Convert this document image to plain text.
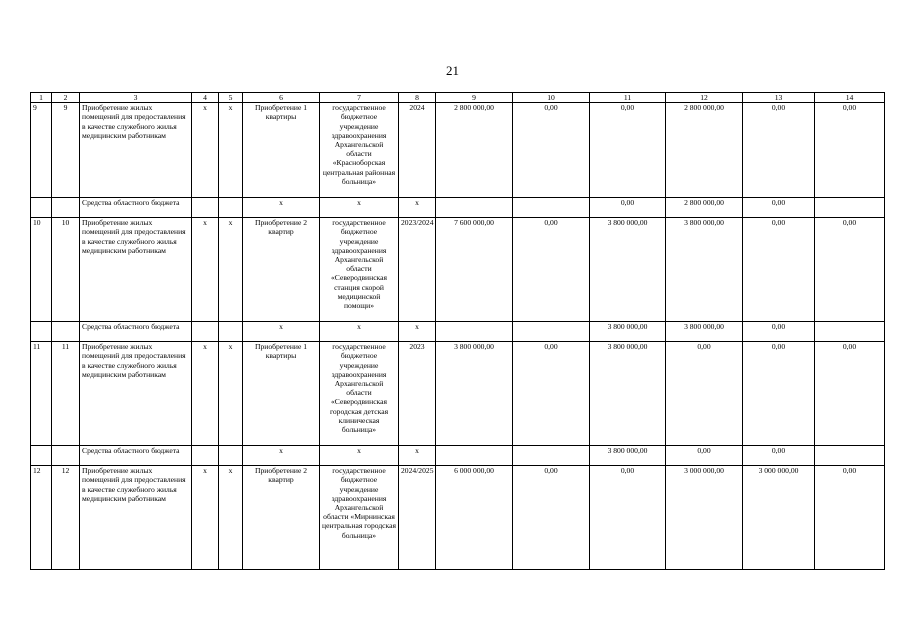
21
1	2	3	4	5	6	7	8	9	10	11	12	13	14
9	9	Приобретение жилых помещений для предоставления в качестве служебного жилья медицинским работникам	х	х	Приобретение 1 квартиры	государственное бюджетное учреждение здравоохранения Архангельской области «Красноборская центральная районная больница»	2024	2 800 000,00	0,00	0,00	2 800 000,00	0,00	0,00
		Средства областного бюджета			х	х	х			0,00	2 800 000,00	0,00	
10	10	Приобретение жилых помещений для предоставления в качестве служебного жилья медицинским работникам	х	х	Приобретение 2 квартир	государственное бюджетное учреждение здравоохранения Архангельской области «Северодвинская станция скорой медицинской помощи»	2023/2024	7 600 000,00	0,00	3 800 000,00	3 800 000,00	0,00	0,00
		Средства областного бюджета			х	х	х			3 800 000,00	3 800 000,00	0,00	
11	11	Приобретение жилых помещений для предоставления в качестве служебного жилья медицинским работникам	х	х	Приобретение 1 квартиры	государственное бюджетное учреждение здравоохранения Архангельской области «Северодвинская городская детская клиническая больница»	2023	3 800 000,00	0,00	3 800 000,00	0,00	0,00	0,00
		Средства областного бюджета			х	х	х			3 800 000,00	0,00	0,00	
12	12	Приобретение жилых помещений для предоставления в качестве служебного жилья медицинским работникам	х	х	Приобретение 2 квартир	государственное бюджетное учреждение здравоохранения Архангельской области «Мирнинская центральная городская больница»	2024/2025	6 000 000,00	0,00	0,00	3 000 000,00	3 000 000,00	0,00
